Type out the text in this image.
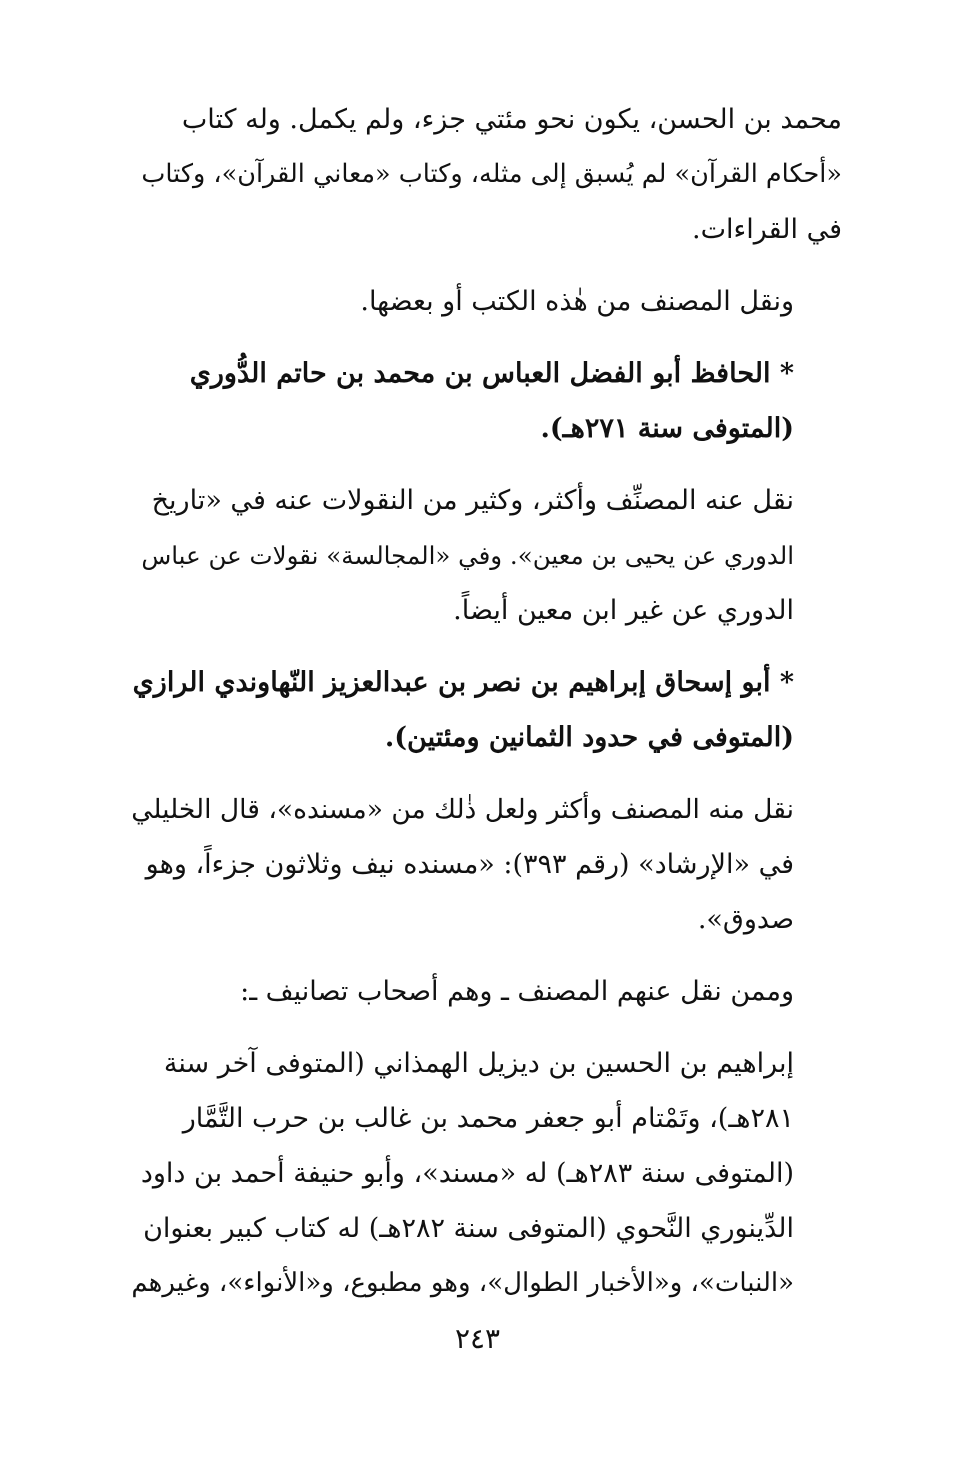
محمد بن الحسن، يكون نحو مئتي جزء، ولم يكمل. وله كتاب
«أحكام القرآن» لم يُسبق إلى مثله، وكتاب «معاني القرآن»، وكتاب
في القراءات.

ونقل المصنف من هٰذه الكتب أو بعضها.

* الحافظ أبو الفضل العباس بن محمد بن حاتم الدُّوري
(المتوفى سنة ٢٧١هـ).

نقل عنه المصنِّف وأكثر، وكثير من النقولات عنه في «تاريخ
الدوري عن يحيى بن معين». وفي «المجالسة» نقولات عن عباس
الدوري عن غير ابن معين أيضاً.

* أبو إسحاق إبراهيم بن نصر بن عبدالعزيز النّهاوندي الرازي
(المتوفى في حدود الثمانين ومئتين).

نقل منه المصنف وأكثر ولعل ذٰلك من «مسنده»، قال الخليلي
في «الإرشاد» (رقم ٣٩٣): «مسنده نيف وثلاثون جزءاً، وهو
صدوق».

وممن نقل عنهم المصنف ـ وهم أصحاب تصانيف ـ:

إبراهيم بن الحسين بن ديزيل الهمذاني (المتوفى آخر سنة
٢٨١هـ)، وتَمْتام أبو جعفر محمد بن غالب بن حرب التَّمَّار
(المتوفى سنة ٢٨٣هـ) له «مسند»، وأبو حنيفة أحمد بن داود
الدِّينوري النَّحوي (المتوفى سنة ٢٨٢هـ) له كتاب كبير بعنوان
«النبات»، و«الأخبار الطوال»، وهو مطبوع، و«الأنواء»، وغيرهم

٢٤٣
